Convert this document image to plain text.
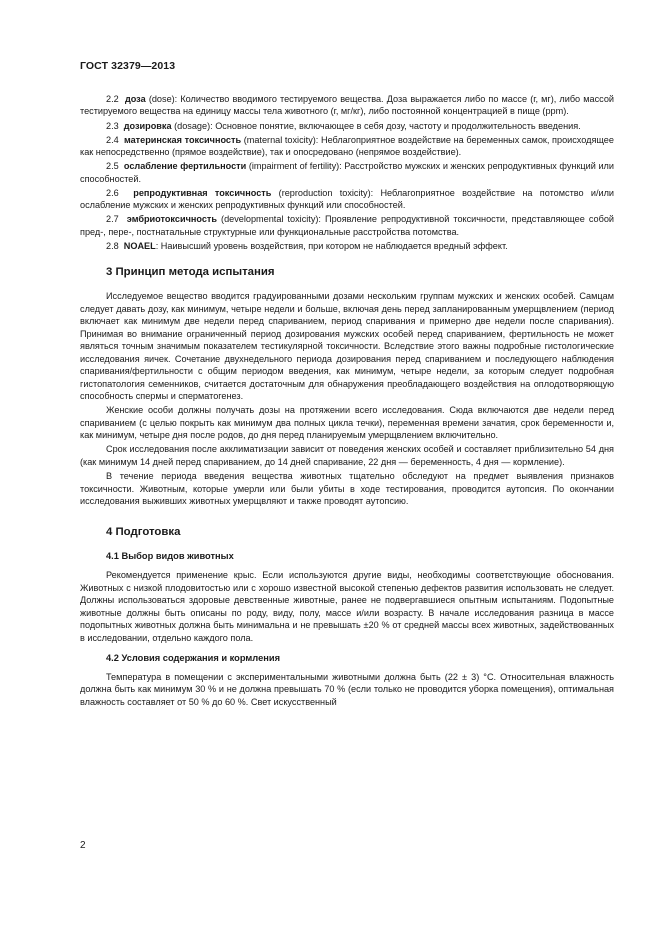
ГОСТ 32379—2013

2.2 доза (dose): Количество вводимого тестируемого вещества. Доза выражается либо по массе (г, мг), либо массой тестируемого вещества на единицу массы тела животного (г, мг/кг), либо постоянной концентрацией в пище (ppm).

2.3 дозировка (dosage): Основное понятие, включающее в себя дозу, частоту и продолжительность введения.

2.4 материнская токсичность (maternal toxicity): Неблагоприятное воздействие на беременных самок, происходящее как непосредственно (прямое воздействие), так и опосредовано (непрямое воздействие).

2.5 ослабление фертильности (impairment of fertility): Расстройство мужских и женских репродуктивных функций или способностей.

2.6 репродуктивная токсичность (reproduction toxicity): Неблагоприятное воздействие на потомство и/или ослабление мужских и женских репродуктивных функций или способностей.

2.7 эмбриотоксичность (developmental toxicity): Проявление репродуктивной токсичности, представляющее собой пред-, пере-, постнатальные структурные или функциональные расстройства потомства.

2.8 NOAEL: Наивысший уровень воздействия, при котором не наблюдается вредный эффект.

3 Принцип метода испытания

Исследуемое вещество вводится градуированными дозами нескольким группам мужских и женских особей. Самцам следует давать дозу, как минимум, четыре недели и больше, включая день перед запланированным умерщвлением (период включает как минимум две недели перед спариванием, период спаривания и примерно две недели после спаривания). Принимая во внимание ограниченный период дозирования мужских особей перед спариванием, фертильность не может являться точным значимым показателем тестикулярной токсичности. Вследствие этого важны подробные гистологические исследования яичек. Сочетание двухнедельного периода дозирования перед спариванием и последующего наблюдения спаривания/фертильности с общим периодом введения, как минимум, четыре недели, за которым следует подробная гистопатология семенников, считается достаточным для обнаружения преобладающего воздействия на оплодотворяющую способность спермы и сперматогенез.

Женские особи должны получать дозы на протяжении всего исследования. Сюда включаются две недели перед спариванием (с целью покрыть как минимум два полных цикла течки), переменная времени зачатия, срок беременности и, как минимум, четыре дня после родов, до дня перед планируемым умерщвлением включительно.

Срок исследования после акклиматизации зависит от поведения женских особей и составляет приблизительно 54 дня (как минимум 14 дней перед спариванием, до 14 дней спаривание, 22 дня — беременность, 4 дня — кормление).

В течение периода введения вещества животных тщательно обследуют на предмет выявления признаков токсичности. Животным, которые умерли или были убиты в ходе тестирования, проводится аутопсия. По окончании исследования выживших животных умерщвляют и также проводят аутопсию.

4 Подготовка
4.1 Выбор видов животных

Рекомендуется применение крыс. Если используются другие виды, необходимы соответствующие обоснования. Животных с низкой плодовитостью или с хорошо известной высокой степенью дефектов развития использовать не следует. Должны использоваться здоровые девственные животные, ранее не подвергавшиеся опытным испытаниям. Подопытные животные должны быть описаны по роду, виду, полу, массе и/или возрасту. В начале исследования разница в массе подопытных животных должна быть минимальна и не превышать ±20 % от средней массы всех животных, задействованных в исследовании, отдельно каждого пола.

4.2 Условия содержания и кормления

Температура в помещении с экспериментальными животными должна быть (22 ± 3) °С. Относительная влажность должна быть как минимум 30 % и не должна превышать 70 % (если только не проводится уборка помещения), оптимальная влажность составляет от 50 % до 60 %. Свет искусственный

2
